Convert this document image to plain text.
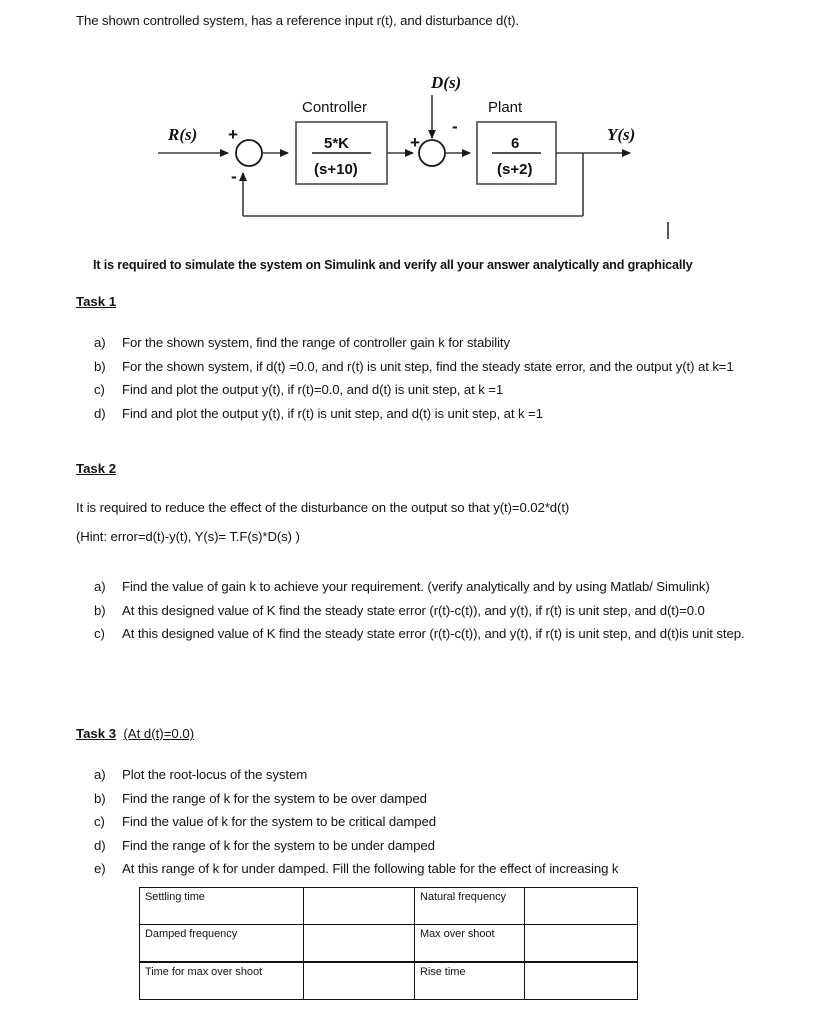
The shown controlled system, has a reference input r(t), and disturbance d(t).
R(s)
D(s)
Y(s)
Controller	Plant
5*K
(s+10)
6
(s+2)
+
-
+
-
It is required to simulate the system on Simulink and verify all your answer analytically and graphically
Task 1
a)	For the shown system, find the range of controller gain k for stability
b)	For the shown system, if d(t) =0.0, and r(t) is unit step, find the steady state error, and the output y(t) at k=1
c)	Find and plot the output y(t), if r(t)=0.0, and d(t) is unit step, at k =1
d)	Find and plot the output y(t), if r(t) is unit step, and d(t) is unit step, at k =1
Task 2
It is required to reduce the effect of the disturbance on the output so that y(t)=0.02*d(t)
(Hint: error=d(t)-y(t), Y(s)= T.F(s)*D(s) )
a)	Find the value of gain k to achieve your requirement. (verify analytically and by using Matlab/ Simulink)
b)	At this designed value of K find the steady state error (r(t)-c(t)), and y(t), if r(t) is unit step, and d(t)=0.0
c)	At this designed value of K find the steady state error (r(t)-c(t)), and y(t), if r(t) is unit step, and d(t)is unit step.
Task 3 (At d(t)=0.0)
a)	Plot the root-locus of the system
b)	Find the range of k for the system to be over damped
c)	Find the value of k for the system to be critical damped
d)	Find the range of k for the system to be under damped
e)	At this range of k for under damped. Fill the following table for the effect of increasing k
Settling time		Natural frequency	
Damped frequency		Max over shoot	
Time for max over shoot		Rise time	
